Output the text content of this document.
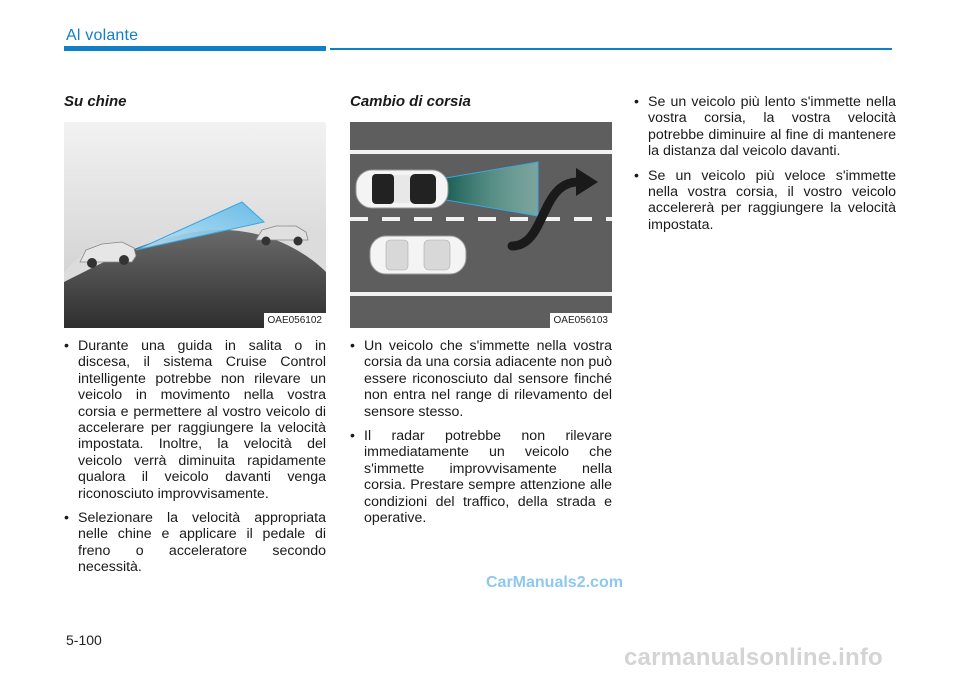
Al volante
Su chine
OAE056102
• Durante una guida in salita o in discesa, il sistema Cruise Control intelligente potrebbe non rilevare un veicolo in movimento nella vostra corsia e permettere al vostro veicolo di accelerare per raggiungere la velocità impostata. Inoltre, la velocità del veicolo verrà diminuita rapidamente qualora il veicolo davanti venga riconosciuto improvvisamente.
• Selezionare la velocità appropriata nelle chine e applicare il pedale di freno o acceleratore secondo necessità.
Cambio di corsia
OAE056103
• Un veicolo che s'immette nella vostra corsia da una corsia adiacente non può essere riconosciuto dal sensore finché non entra nel range di rilevamento del sensore stesso.
• Il radar potrebbe non rilevare immediatamente un veicolo che s'immette improvvisamente nella corsia. Prestare sempre attenzione alle condizioni del traffico, della strada e operative.
• Se un veicolo più lento s'immette nella vostra corsia, la vostra velocità potrebbe diminuire al fine di mantenere la distanza dal veicolo davanti.
• Se un veicolo più veloce s'immette nella vostra corsia, il vostro veicolo accelererà per raggiungere la velocità impostata.
5-100
CarManuals2.com
carmanualsonline.info
